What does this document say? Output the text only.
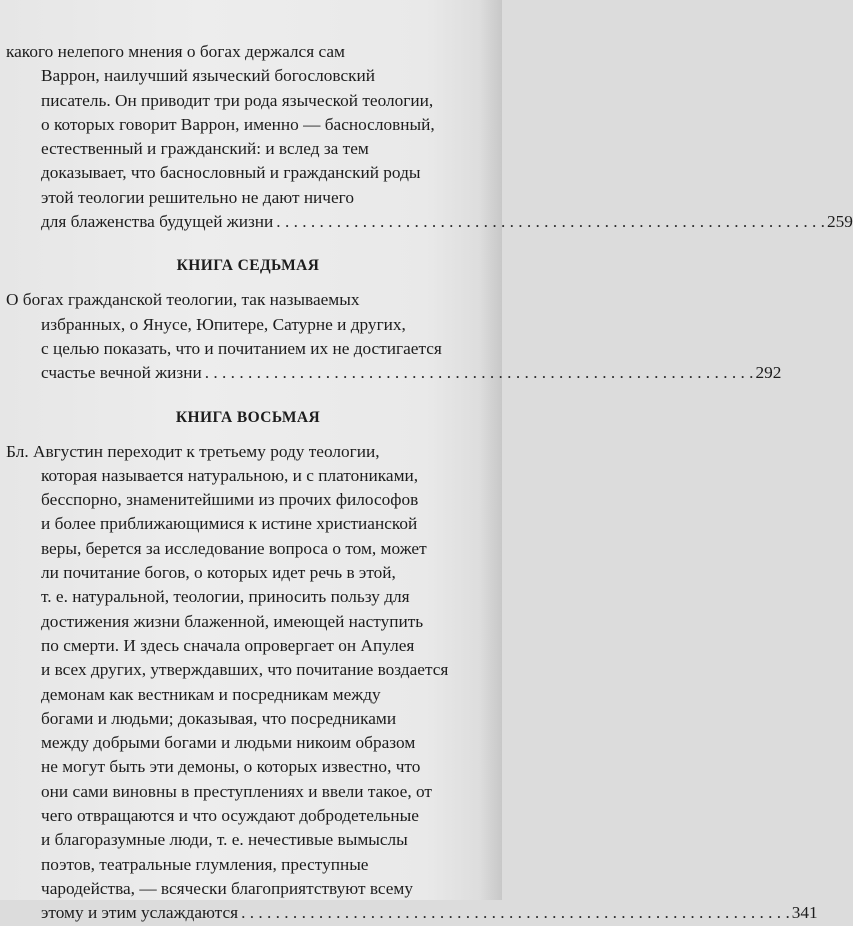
какого нелепого мнения о богах держался сам
Варрон, наилучший языческий богословский
писатель. Он приводит три рода языческой теологии,
о которых говорит Варрон, именно — баснословный,
естественный и гражданский: и вслед за тем
доказывает, что баснословный и гражданский роды
этой теологии решительно не дают ничего
для блаженства будущей жизни . . .	259
КНИГА СЕДЬМАЯ
О богах гражданской теологии, так называемых
избранных, о Янусе, Юпитере, Сатурне и других,
с целью показать, что и почитанием их не достигается
счастье вечной жизни . . .	292
КНИГА ВОСЬМАЯ
Бл. Августин переходит к третьему роду теологии,
которая называется натуральною, и с платониками,
бесспорно, знаменитейшими из прочих философов
и более приближающимися к истине христианской
веры, берется за исследование вопроса о том, может
ли почитание богов, о которых идет речь в этой,
т. е. натуральной, теологии, приносить пользу для
достижения жизни блаженной, имеющей наступить
по смерти. И здесь сначала опровергает он Апулея
и всех других, утверждавших, что почитание воздается
демонам как вестникам и посредникам между
богами и людьми; доказывая, что посредниками
между добрыми богами и людьми никоим образом
не могут быть эти демоны, о которых известно, что
они сами виновны в преступлениях и ввели такое, от
чего отвращаются и что осуждают добродетельные
и благоразумные люди, т. е. нечестивые вымыслы
поэтов, театральные глумления, преступные
чародейства, — всячески благоприятствуют всему
этому и этим услаждаются . . .	341
